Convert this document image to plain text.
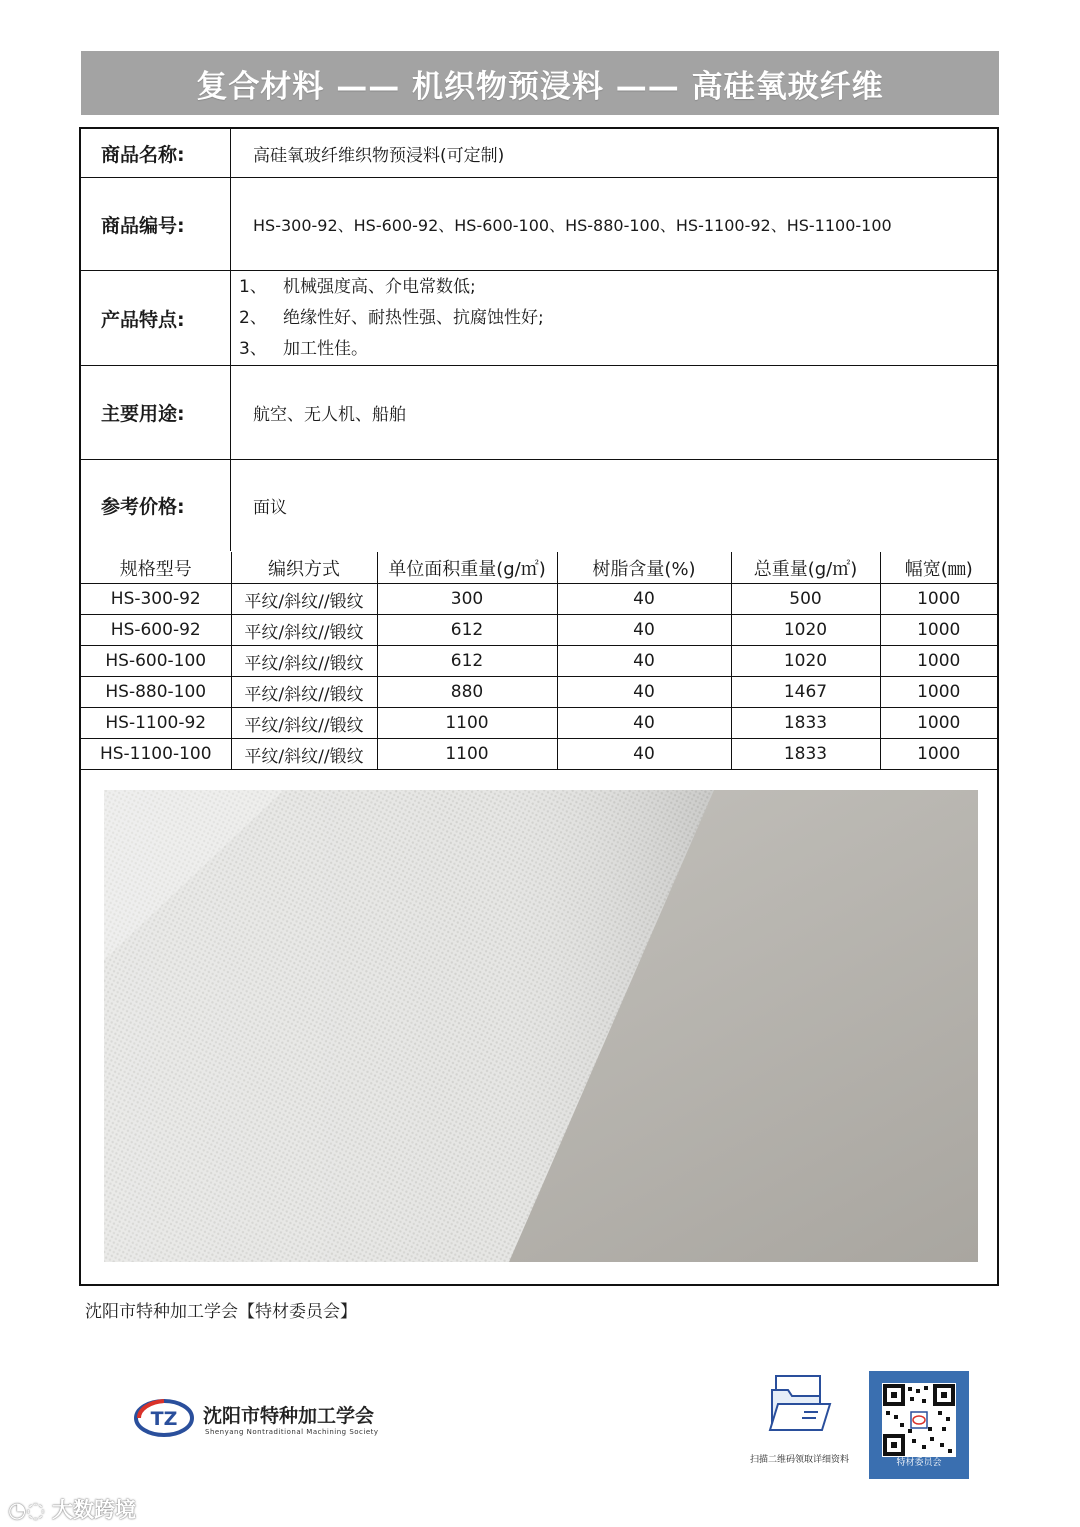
复合材料 —— 机织物预浸料 —— 高硅氧玻纤维
商品名称:	高硅氧玻纤维织物预浸料(可定制)
商品编号:	HS-300-92、HS-600-92、HS-600-100、HS-880-100、HS-1100-92、HS-1100-100
产品特点:
1、 机械强度高、介电常数低;
2、 绝缘性好、耐热性强、抗腐蚀性好;
3、 加工性佳。
主要用途:	航空、无人机、船舶
参考价格:	面议
规格型号	编织方式	单位面积重量(g/㎡)	树脂含量(%)	总重量(g/㎡)	幅宽(㎜)
HS-300-92	平纹/斜纹//锻纹	300	40	500	1000
HS-600-92	平纹/斜纹//锻纹	612	40	1020	1000
HS-600-100	平纹/斜纹//锻纹	612	40	1020	1000
HS-880-100	平纹/斜纹//锻纹	880	40	1467	1000
HS-1100-92	平纹/斜纹//锻纹	1100	40	1833	1000
HS-1100-100	平纹/斜纹//锻纹	1100	40	1833	1000
沈阳市特种加工学会【特材委员会】
TZ 沈阳市特种加工学会
Shenyang Nontraditional Machining Society
扫描二维码领取详细资料	特材委员会
◔◌ 大数跨境
